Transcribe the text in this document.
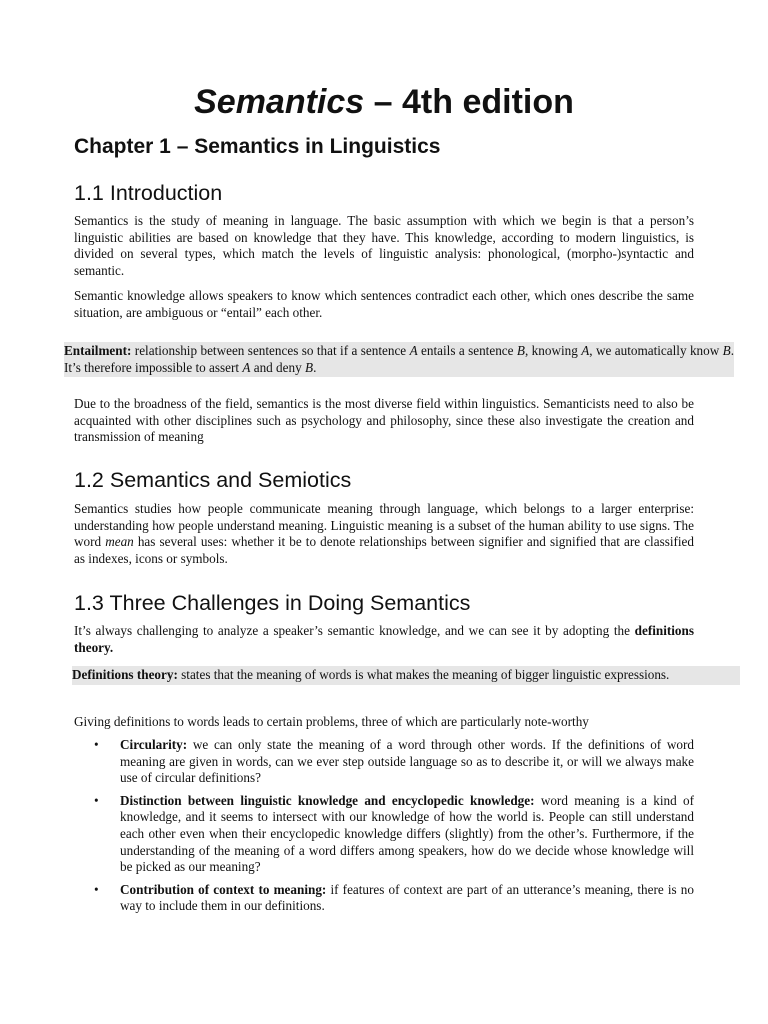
Semantics – 4th edition
Chapter 1 – Semantics in Linguistics
1.1 Introduction

Semantics is the study of meaning in language. The basic assumption with which we begin is that a person’s linguistic abilities are based on knowledge that they have. This knowledge, according to modern linguistics, is divided on several types, which match the levels of linguistic analysis: phonological, (morpho-)syntactic and semantic.

Semantic knowledge allows speakers to know which sentences contradict each other, which ones describe the same situation, are ambiguous or “entail” each other.

Entailment: relationship between sentences so that if a sentence A entails a sentence B, knowing A, we automatically know B. It’s therefore impossible to assert A and deny B.

Due to the broadness of the field, semantics is the most diverse field within linguistics. Semanticists need to also be acquainted with other disciplines such as psychology and philosophy, since these also investigate the creation and transmission of meaning

1.2 Semantics and Semiotics

Semantics studies how people communicate meaning through language, which belongs to a larger enterprise: understanding how people understand meaning. Linguistic meaning is a subset of the human ability to use signs. The word mean has several uses: whether it be to denote relationships between signifier and signified that are classified as indexes, icons or symbols.

1.3 Three Challenges in Doing Semantics

It’s always challenging to analyze a speaker’s semantic knowledge, and we can see it by adopting the definitions theory.

Definitions theory: states that the meaning of words is what makes the meaning of bigger linguistic expressions.

Giving definitions to words leads to certain problems, three of which are particularly note-worthy

• Circularity: we can only state the meaning of a word through other words. If the definitions of word meaning are given in words, can we ever step outside language so as to describe it, or will we always make use of circular definitions?
• Distinction between linguistic knowledge and encyclopedic knowledge: word meaning is a kind of knowledge, and it seems to intersect with our knowledge of how the world is. People can still understand each other even when their encyclopedic knowledge differs (slightly) from the other’s. Furthermore, if the understanding of the meaning of a word differs among speakers, how do we decide whose knowledge will be picked as our meaning?
• Contribution of context to meaning: if features of context are part of an utterance’s meaning, there is no way to include them in our definitions.
